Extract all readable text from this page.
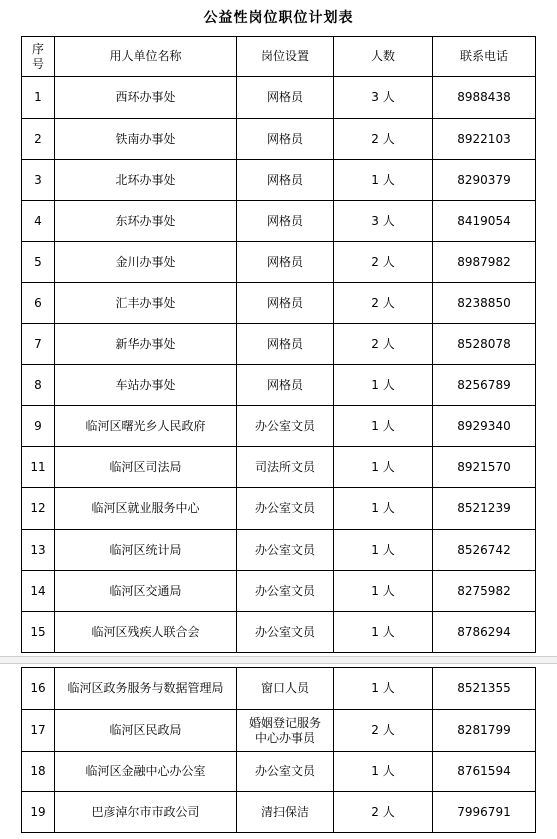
公益性岗位职位计划表
序号	用人单位名称	岗位设置	人数	联系电话
1	西环办事处	网格员	3 人	8988438
2	铁南办事处	网格员	2 人	8922103
3	北环办事处	网格员	1 人	8290379
4	东环办事处	网格员	3 人	8419054
5	金川办事处	网格员	2 人	8987982
6	汇丰办事处	网格员	2 人	8238850
7	新华办事处	网格员	2 人	8528078
8	车站办事处	网格员	1 人	8256789
9	临河区曙光乡人民政府	办公室文员	1 人	8929340
11	临河区司法局	司法所文员	1 人	8921570
12	临河区就业服务中心	办公室文员	1 人	8521239
13	临河区统计局	办公室文员	1 人	8526742
14	临河区交通局	办公室文员	1 人	8275982
15	临河区残疾人联合会	办公室文员	1 人	8786294
16	临河区政务服务与数据管理局	窗口人员	1 人	8521355
17	临河区民政局	婚姻登记服务
中心办事员	2 人	8281799
18	临河区金融中心办公室	办公室文员	1 人	8761594
19	巴彦淖尔市市政公司	清扫保洁	2 人	7996791
